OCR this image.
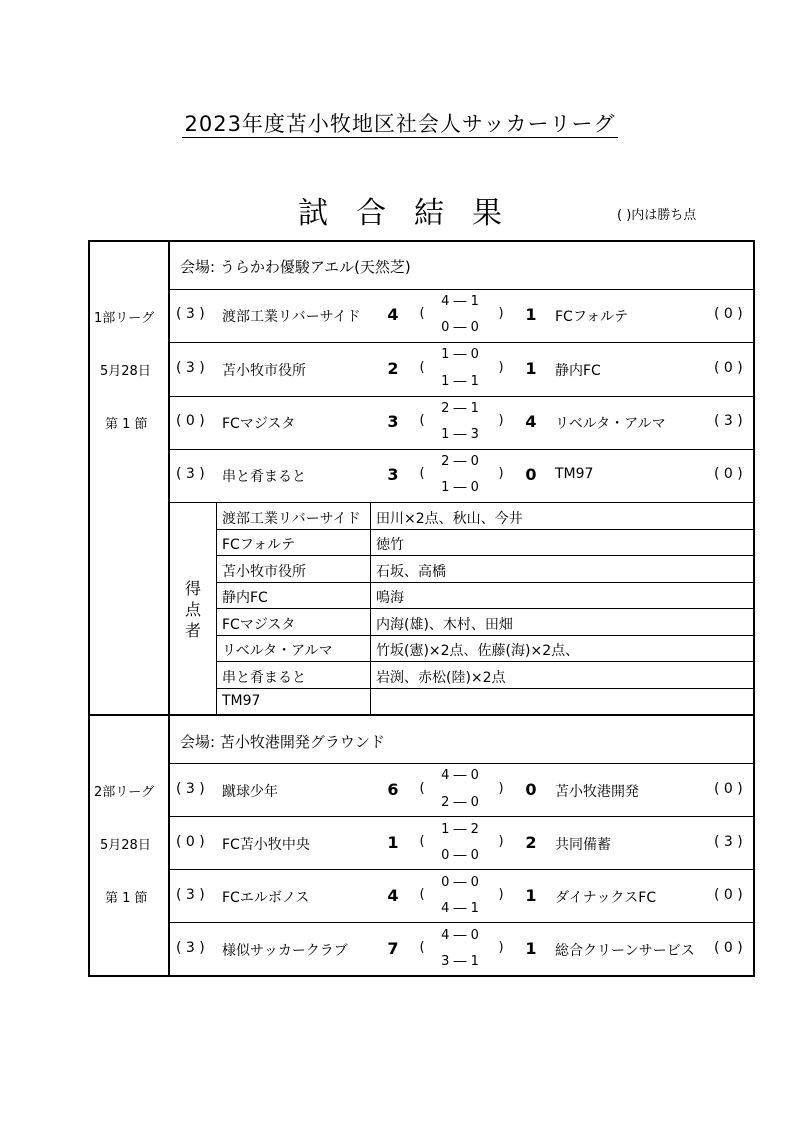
2023年度苫小牧地区社会人サッカーリーグ
試合結果	( )内は勝ち点
1部リーグ
5月28日
第 1 節
会場: うらかわ優駿アエル(天然芝)
( 3 ) 渡部工業リバーサイド 4	(
4 ― 1
0 ― 0
)	1	FCフォルテ	( 0 )
( 3 ) 苫小牧市役所	2	(
1 ― 0
1 ― 1
)	1	静内FC	( 0 )
( 0 ) FCマジスタ	3	(
2 ― 1
1 ― 3
)	4	リベルタ・アルマ	( 3 )
( 3 ) 串と肴まると	3	(
2 ― 0
1 ― 0
)	0	TM97	( 0 )
得
点
者
渡部工業リバーサイド 田川×2点、秋山、今井
FCフォルテ	徳竹
苫小牧市役所	石坂、高橋
静内FC	鳴海
FCマジスタ	内海(雄)、木村、田畑
リベルタ・アルマ	竹坂(憲)×2点、佐藤(海)×2点、
串と肴まると	岩渕、赤松(陸)×2点
TM97
2部リーグ
5月28日
第 1 節
会場: 苫小牧港開発グラウンド
( 3 ) 蹴球少年	6	(
4 ― 0
2 ― 0
)	0	苫小牧港開発	( 0 )
( 0 ) FC苫小牧中央	1	(
1 ― 2
0 ― 0
)	2	共同備蓄	( 3 )
( 3 ) FCエルボノス	4	(
0 ― 0
4 ― 1
)	1	ダイナックスFC	( 0 )
( 3 ) 様似サッカークラブ 7	(
4 ― 0
3 ― 1
)	1	総合クリーンサービス ( 0 )
